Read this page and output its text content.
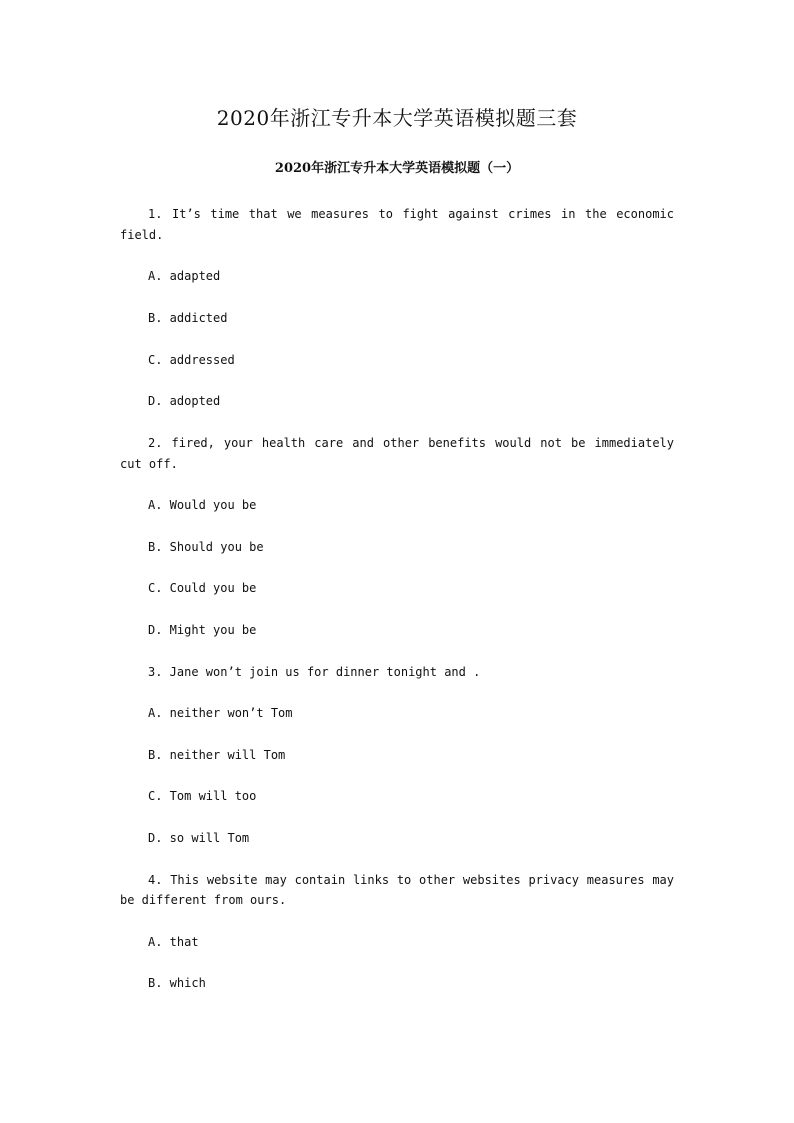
2020年浙江专升本大学英语模拟题三套
2020年浙江专升本大学英语模拟题（一）

1. It’s time that we measures to fight against crimes in the economic field.

A. adapted
B. addicted
C. addressed
D. adopted

2. fired, your health care and other benefits would not be immediately cut off.

A. Would you be
B. Should you be
C. Could you be
D. Might you be

3. Jane won’t join us for dinner tonight and .

A. neither won’t Tom
B. neither will Tom
C. Tom will too
D. so will Tom

4. This website may contain links to other websites privacy measures may be different from ours.

A. that
B. which
